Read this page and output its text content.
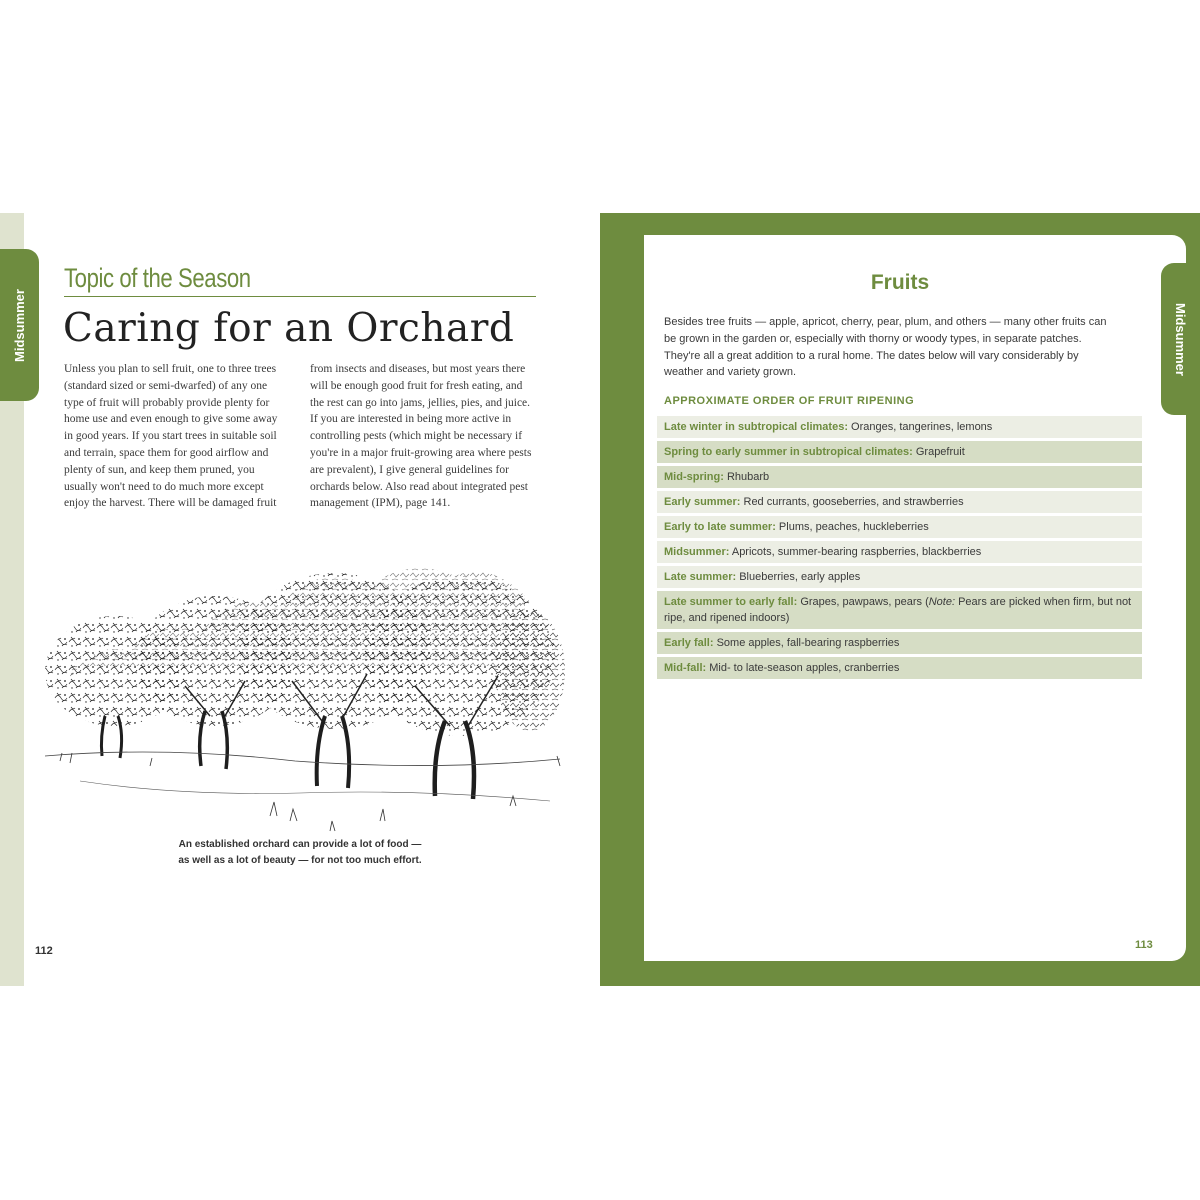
Midsummer
Topic of the Season
Caring for an Orchard
Unless you plan to sell fruit, one to three trees (standard sized or semi-dwarfed) of any one type of fruit will probably provide plenty for home use and even enough to give some away in good years. If you start trees in suitable soil and terrain, space them for good airflow and plenty of sun, and keep them pruned, you usually won't need to do much more except enjoy the harvest. There will be damaged fruit
from insects and diseases, but most years there will be enough good fruit for fresh eating, and the rest can go into jams, jellies, pies, and juice. If you are interested in being more active in controlling pests (which might be necessary if you're in a major fruit-growing area where pests are prevalent), I give general guidelines for orchards below. Also read about integrated pest management (IPM), page 141.
An established orchard can provide a lot of food —
as well as a lot of beauty — for not too much effort.
112
Midsummer
Fruits
Besides tree fruits — apple, apricot, cherry, pear, plum, and others — many other fruits can be grown in the garden or, especially with thorny or woody types, in separate patches. They're all a great addition to a rural home. The dates below will vary considerably by weather and variety grown.
APPROXIMATE ORDER OF FRUIT RIPENING
Late winter in subtropical climates: Oranges, tangerines, lemons
Spring to early summer in subtropical climates: Grapefruit
Mid-spring: Rhubarb
Early summer: Red currants, gooseberries, and strawberries
Early to late summer: Plums, peaches, huckleberries
Midsummer: Apricots, summer-bearing raspberries, blackberries
Late summer: Blueberries, early apples
Late summer to early fall: Grapes, pawpaws, pears (Note: Pears are picked when firm, but not ripe, and ripened indoors)
Early fall: Some apples, fall-bearing raspberries
Mid-fall: Mid- to late-season apples, cranberries
113
